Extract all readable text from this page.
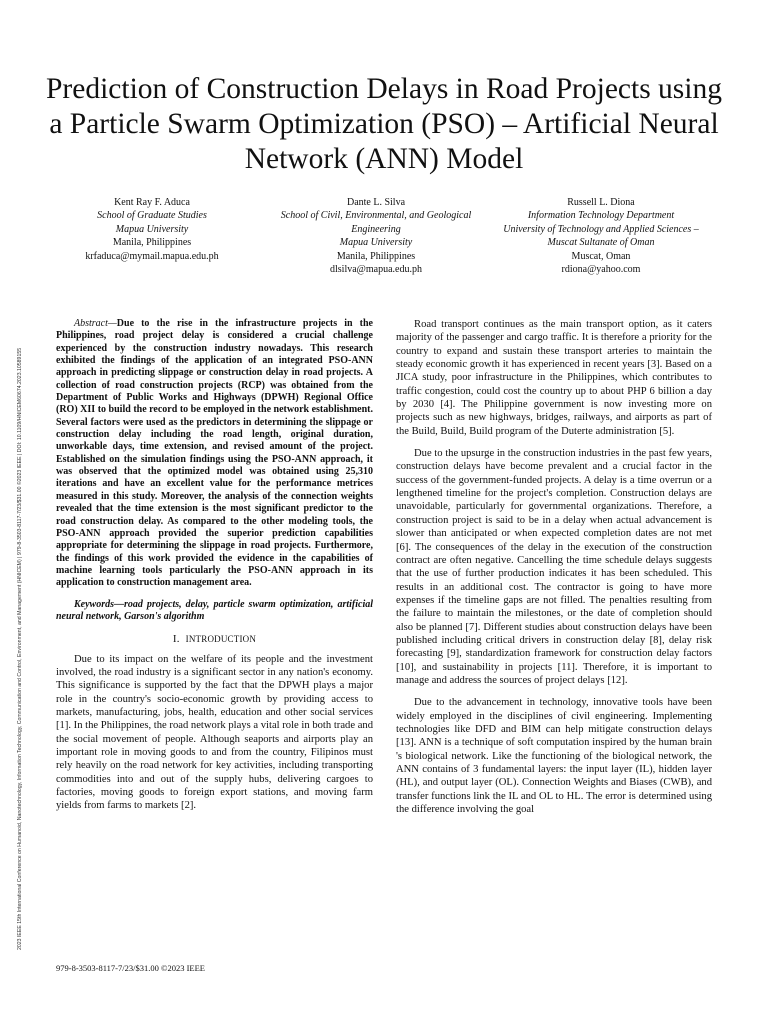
2023 IEEE 15th International Conference on Humanoid, Nanotechnology, Information Technology, Communication and Control, Environment, and Management (HNICEM) | 979-8-3503-8117-7/23/$31.00 ©2023 IEEE | DOI: 10.1109/HNICEM60674.2023.10589155
Prediction of Construction Delays in Road Projects using a Particle Swarm Optimization (PSO) – Artificial Neural Network (ANN) Model
Kent Ray F. Aduca
School of Graduate Studies
Mapua University
Manila, Philippines
krfaduca@mymail.mapua.edu.ph
Dante L. Silva
School of Civil, Environmental, and Geological Engineering
Mapua University
Manila, Philippines
dlsilva@mapua.edu.ph
Russell L. Diona
Information Technology Department
University of Technology and Applied Sciences – Muscat Sultanate of Oman
Muscat, Oman
rdiona@yahoo.com

Abstract—Due to the rise in the infrastructure projects in the Philippines, road project delay is considered a crucial challenge experienced by the construction industry nowadays. This research exhibited the findings of the application of an integrated PSO-ANN approach in predicting slippage or construction delay in road projects. A collection of road construction projects (RCP) was obtained from the Department of Public Works and Highways (DPWH) Regional Office (RO) XII to build the record to be employed in the network establishment. Several factors were used as the predictors in determining the slippage or construction delay including the road length, original duration, unworkable days, time extension, and revised amount of the project. Established on the simulation findings using the PSO-ANN approach, it was observed that the optimized model was obtained using 25,310 iterations and have an excellent value for the performance metrices measured in this study. Moreover, the analysis of the connection weights revealed that the time extension is the most significant predictor to the road construction delay. As compared to the other modeling tools, the PSO-ANN approach provided the superior prediction capabilities appropriate for determining the slippage in road projects. Furthermore, the findings of this work provided the evidence in the capabilities of machine learning tools particularly the PSO-ANN approach in its application to construction management area.

Keywords—road projects, delay, particle swarm optimization, artificial neural network, Garson's algorithm

I. INTRODUCTION

Due to its impact on the welfare of its people and the investment involved, the road industry is a significant sector in any nation's economy. This significance is supported by the fact that the DPWH plays a major role in the country's socio-economic growth by providing access to markets, manufacturing, jobs, health, education and other social services [1]. In the Philippines, the road network plays a vital role in both trade and the social movement of people. Although seaports and airports play an important role in moving goods to and from the country, Filipinos must rely heavily on the road network for key activities, including transporting commodities into and out of the supply hubs, delivering cargoes to factories, moving goods to foreign export stations, and moving farm yields from farms to markets [2].

Road transport continues as the main transport option, as it caters majority of the passenger and cargo traffic. It is therefore a priority for the country to expand and sustain these transport arteries to maintain the steady economic growth it has experienced in recent years [3]. Based on a JICA study, poor infrastructure in the Philippines, which contributes to traffic congestion, could cost the country up to about PHP 6 billion a day by 2030 [4]. The Philippine government is now investing more on projects such as new highways, bridges, railways, and airports as part of the Build, Build, Build program of the Duterte administration [5].

Due to the upsurge in the construction industries in the past few years, construction delays have become prevalent and a crucial factor in the success of the government-funded projects. A delay is a time overrun or a lengthened timeline for the project's completion. Construction delays are unavoidable, particularly for governmental organizations. Therefore, a construction project is said to be in a delay when actual advancement is slower than anticipated or when expected completion dates are not met [6]. The consequences of the delay in the execution of the construction contract are often negative. Cancelling the time schedule delays suggests that the use of further production indicates it has been scheduled. This results in an additional cost. The contractor is going to have more expenses if the timeline gaps are not filled. The penalties resulting from the failure to maintain the milestones, or the date of completion should also be planned [7]. Different studies about construction delays have been published including critical drivers in construction delay [8], delay risk forecasting [9], standardization framework for construction delay factors [10], and sustainability in projects [11]. Therefore, it is important to manage and address the sources of project delays [12].

Due to the advancement in technology, innovative tools have been widely employed in the disciplines of civil engineering. Implementing technologies like DFD and BIM can help mitigate construction delays [13]. ANN is a technique of soft computation inspired by the human brain 's biological network. Like the functioning of the biological network, the ANN contains of 3 fundamental layers: the input layer (IL), hidden layer (HL), and output layer (OL). Connection Weights and Biases (CWB), and transfer functions link the IL and OL to HL. The error is determined using the difference involving the goal

979-8-3503-8117-7/23/$31.00 ©2023 IEEE
